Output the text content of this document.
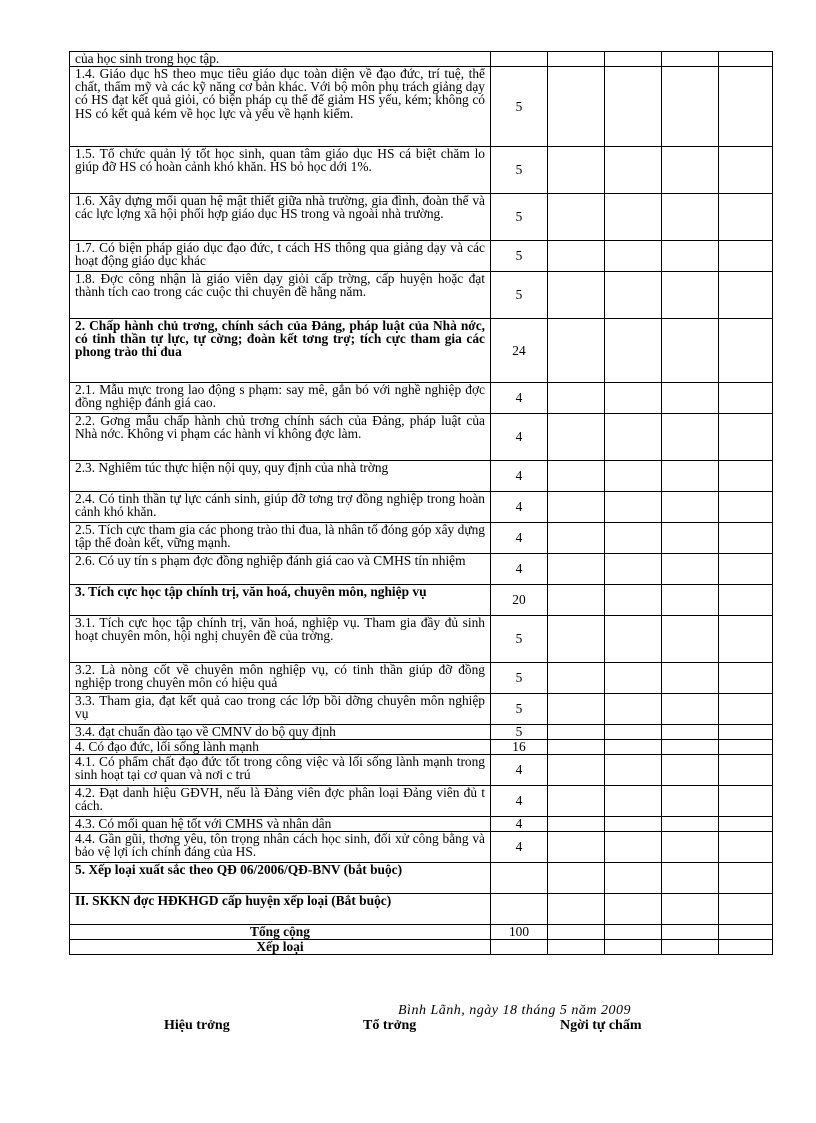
của học sinh trong học tập.					
1.4. Giáo dục hS theo mục tiêu giáo dục toàn diện về đạo đức, trí tuệ, thể chất, thẩm mỹ và các kỹ năng cơ bản khác. Với bộ môn phụ trách giảng dạy có HS đạt kết quả giỏi, có biện pháp cụ thể để giảm HS yếu, kém; không có HS có kết quả kém về học lực và yếu về hạnh kiểm.	5				
1.5. Tổ chức quản lý tốt học sinh, quan tâm giáo dục HS cá biệt chăm lo giúp đỡ HS có hoàn cảnh khó khăn. HS bỏ học dới 1%.	5				
1.6. Xây dựng mối quan hệ mật thiết giữa nhà trường, gia đình, đoàn thể và các lực lợng xã hội phối hợp giáo dục HS trong và ngoài nhà trường.	5				
1.7. Có biện pháp giáo dục đạo đức, t cách HS thông qua giảng dạy và các hoạt động giáo dục khác	5				
1.8. Đợc công nhận là giáo viên dạy giỏi cấp trờng, cấp huyện hoặc đạt thành tích cao trong các cuộc thi chuyên đề hằng năm.	5				
2. Chấp hành chủ trơng, chính sách của Đảng, pháp luật của Nhà nớc, có tinh thần tự lực, tự cờng; đoàn kết tơng trợ; tích cực tham gia các phong trào thi đua	24				
2.1. Mẫu mực trong lao động s phạm: say mê, gắn bó với nghề nghiệp đợc đồng nghiệp đánh giá cao.	4				
2.2. Gơng mẫu chấp hành chủ trơng chính sách của Đảng, pháp luật của Nhà nớc. Không vi phạm các hành vi không đợc làm.	4				
2.3. Nghiêm túc thực hiện nội quy, quy định của nhà trờng	4				
2.4. Có tinh thần tự lực cánh sinh, giúp đỡ tơng trợ đồng nghiệp trong hoàn cảnh khó khăn.	4				
2.5. Tích cực tham gia các phong trào thi đua, là nhân tố đóng góp xây dựng tập thể đoàn kết, vững mạnh.	4				
2.6. Có uy tín s phạm đợc đồng nghiệp đánh giá cao và CMHS tín nhiệm	4				
3. Tích cực học tập chính trị, văn hoá, chuyên môn, nghiệp vụ	20				
3.1. Tích cực học tập chính trị, văn hoá, nghiệp vụ. Tham gia đầy đủ sinh hoạt chuyên môn, hội nghị chuyên đề của trờng.	5				
3.2. Là nòng cốt về chuyên môn nghiệp vụ, có tinh thần giúp đỡ đồng nghiệp trong chuyên môn có hiệu quả	5				
3.3. Tham gia, đạt kết quả cao trong các lớp bồi dỡng chuyên môn nghiệp vụ	5				
3.4. đạt chuẩn đào tạo về CMNV do bộ quy định	5				
4. Có đạo đức, lối sống lành mạnh	16				
4.1. Có phẩm chất đạo đức tốt trong công việc và lối sống lành mạnh trong sinh hoạt tại cơ quan và nơi c trú	4				
4.2. Đạt danh hiệu GĐVH, nếu là Đảng viên đợc phân loại Đảng viên đủ t cách.	4				
4.3. Có mối quan hệ tốt với CMHS và nhân dân	4				
4.4. Gần gũi, thơng yêu, tôn trọng nhân cách học sinh, đối xử công bằng và bảo vệ lợi ích chính đáng của HS.	4				
5. Xếp loại xuất sắc theo QĐ 06/2006/QĐ-BNV (bắt buộc)					
II. SKKN đợc HĐKHGD cấp huyện xếp loại (Bắt buộc)					
Tổng cộng	100				
Xếp loại					
Bình Lãnh, ngày 18 tháng 5 năm 2009
Hiệu trởng	Tổ trởng	Ngời tự chấm
